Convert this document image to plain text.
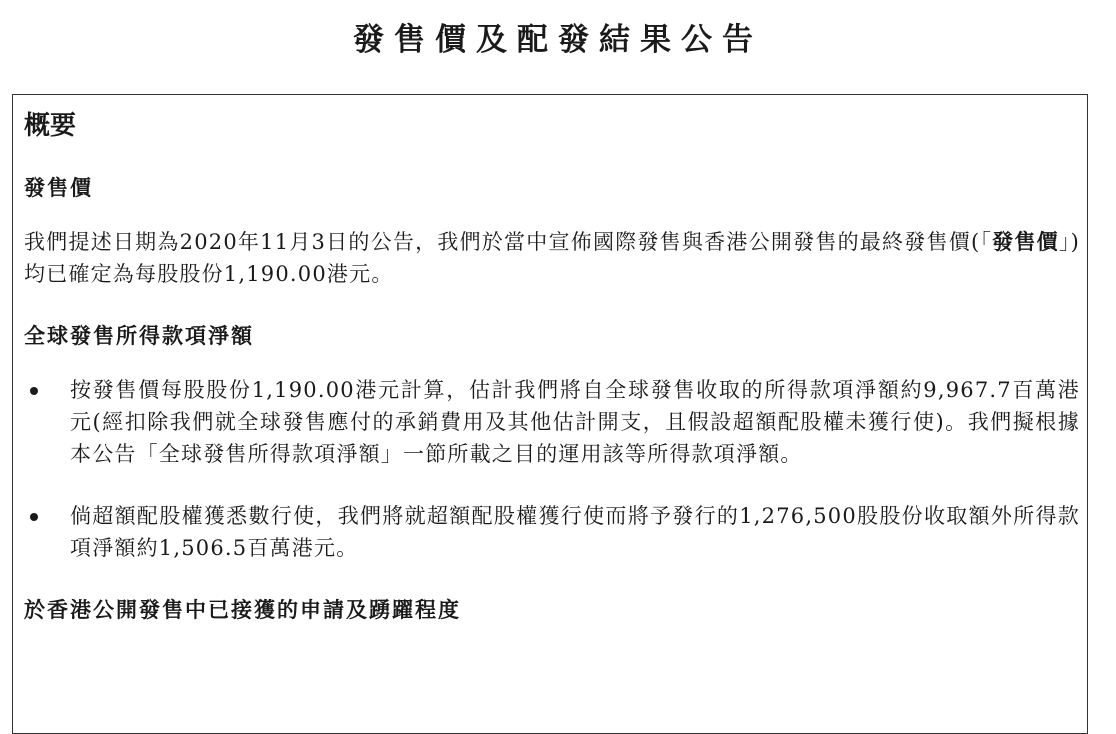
發售價及配發結果公告
概要
發售價

我們提述日期為2020年11月3日的公告，我們於當中宣佈國際發售與香港公開發售的最終發售價(「發售價」)均已確定為每股股份1,190.00港元。

全球發售所得款項淨額
按發售價每股股份1,190.00港元計算，估計我們將自全球發售收取的所得款項淨額約9,967.7百萬港元(經扣除我們就全球發售應付的承銷費用及其他估計開支，且假設超額配股權未獲行使)。我們擬根據本公告「全球發售所得款項淨額」一節所載之目的運用該等所得款項淨額。
倘超額配股權獲悉數行使，我們將就超額配股權獲行使而將予發行的1,276,500股股份收取額外所得款項淨額約1,506.5百萬港元。
於香港公開發售中已接獲的申請及踴躍程度
